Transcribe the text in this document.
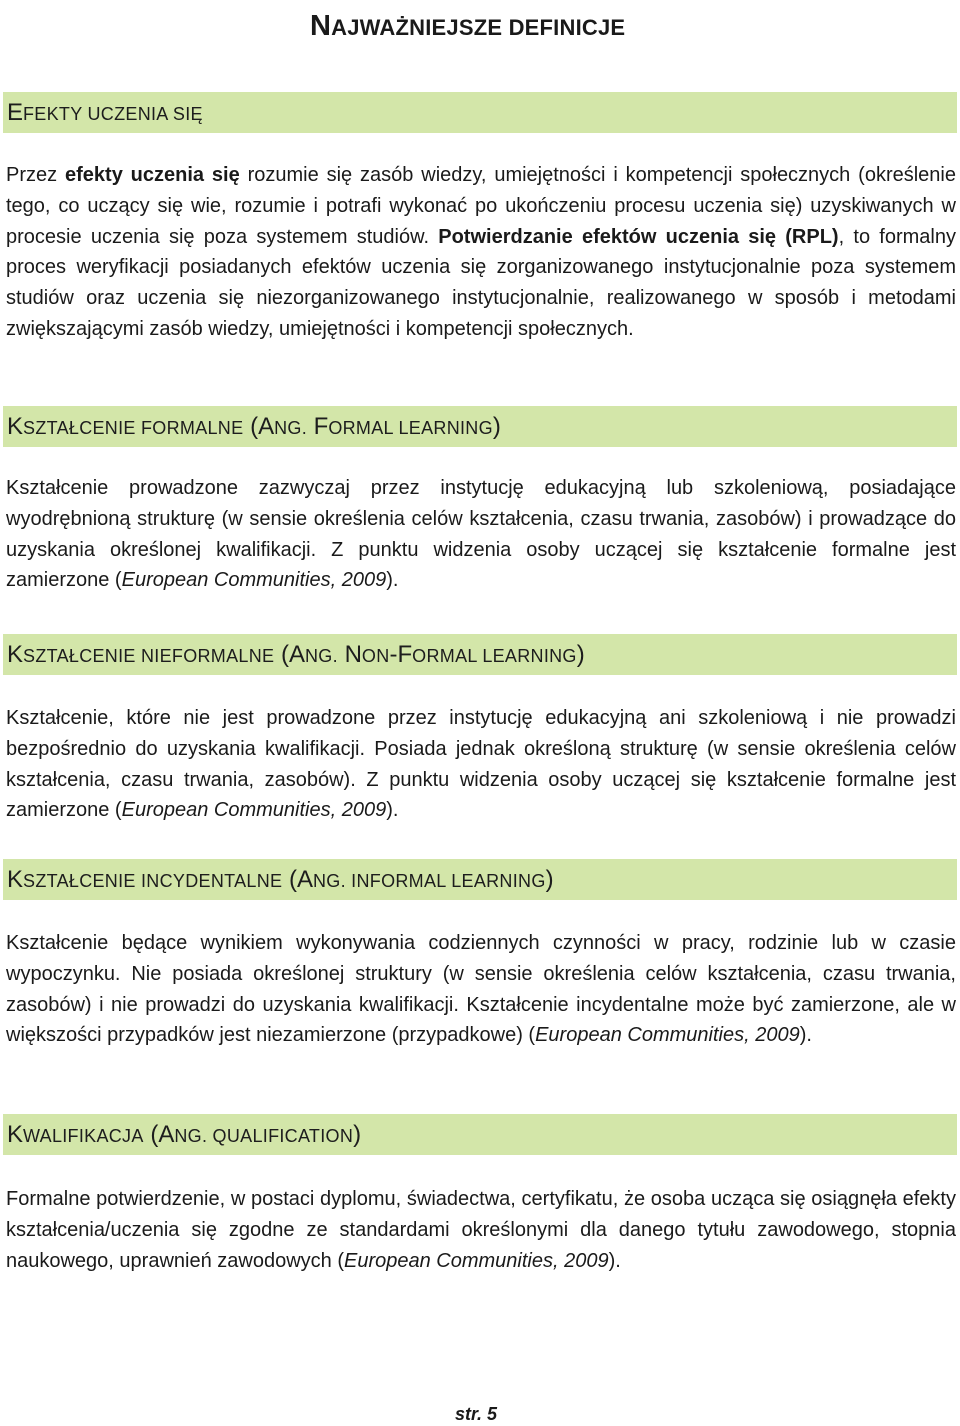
NAJWAŻNIEJSZE DEFINICJE
EFEKTY UCZENIA SIĘ

Przez efekty uczenia się rozumie się zasób wiedzy, umiejętności i kompetencji społecznych (określenie tego, co uczący się wie, rozumie i potrafi wykonać po ukończeniu procesu uczenia się) uzyskiwanych w procesie uczenia się poza systemem studiów. Potwierdzanie efektów uczenia się (RPL), to formalny proces weryfikacji posiadanych efektów uczenia się zorganizowanego instytucjonalnie poza systemem studiów oraz uczenia się niezorganizowanego instytucjonalnie, realizowanego w sposób i metodami zwiększającymi zasób wiedzy, umiejętności i kompetencji społecznych.

KSZTAŁCENIE FORMALNE (ANG. FORMAL LEARNING)

Kształcenie prowadzone zazwyczaj przez instytucję edukacyjną lub szkoleniową, posiadające wyodrębnioną strukturę (w sensie określenia celów kształcenia, czasu trwania, zasobów) i prowadzące do uzyskania określonej kwalifikacji. Z punktu widzenia osoby uczącej się kształcenie formalne jest zamierzone (European Communities, 2009).

KSZTAŁCENIE NIEFORMALNE (ANG. NON-FORMAL LEARNING)

Kształcenie, które nie jest prowadzone przez instytucję edukacyjną ani szkoleniową i nie prowadzi bezpośrednio do uzyskania kwalifikacji. Posiada jednak określoną strukturę (w sensie określenia celów kształcenia, czasu trwania, zasobów). Z punktu widzenia osoby uczącej się kształcenie formalne jest zamierzone (European Communities, 2009).

KSZTAŁCENIE INCYDENTALNE (ANG. INFORMAL LEARNING)

Kształcenie będące wynikiem wykonywania codziennych czynności w pracy, rodzinie lub w czasie wypoczynku. Nie posiada określonej struktury (w sensie określenia celów kształcenia, czasu trwania, zasobów) i nie prowadzi do uzyskania kwalifikacji. Kształcenie incydentalne może być zamierzone, ale w większości przypadków jest niezamierzone (przypadkowe) (European Communities, 2009).

KWALIFIKACJA (ANG. QUALIFICATION)

Formalne potwierdzenie, w postaci dyplomu, świadectwa, certyfikatu, że osoba ucząca się osiągnęła efekty kształcenia/uczenia się zgodne ze standardami określonymi dla danego tytułu zawodowego, stopnia naukowego, uprawnień zawodowych (European Communities, 2009).

str. 5
